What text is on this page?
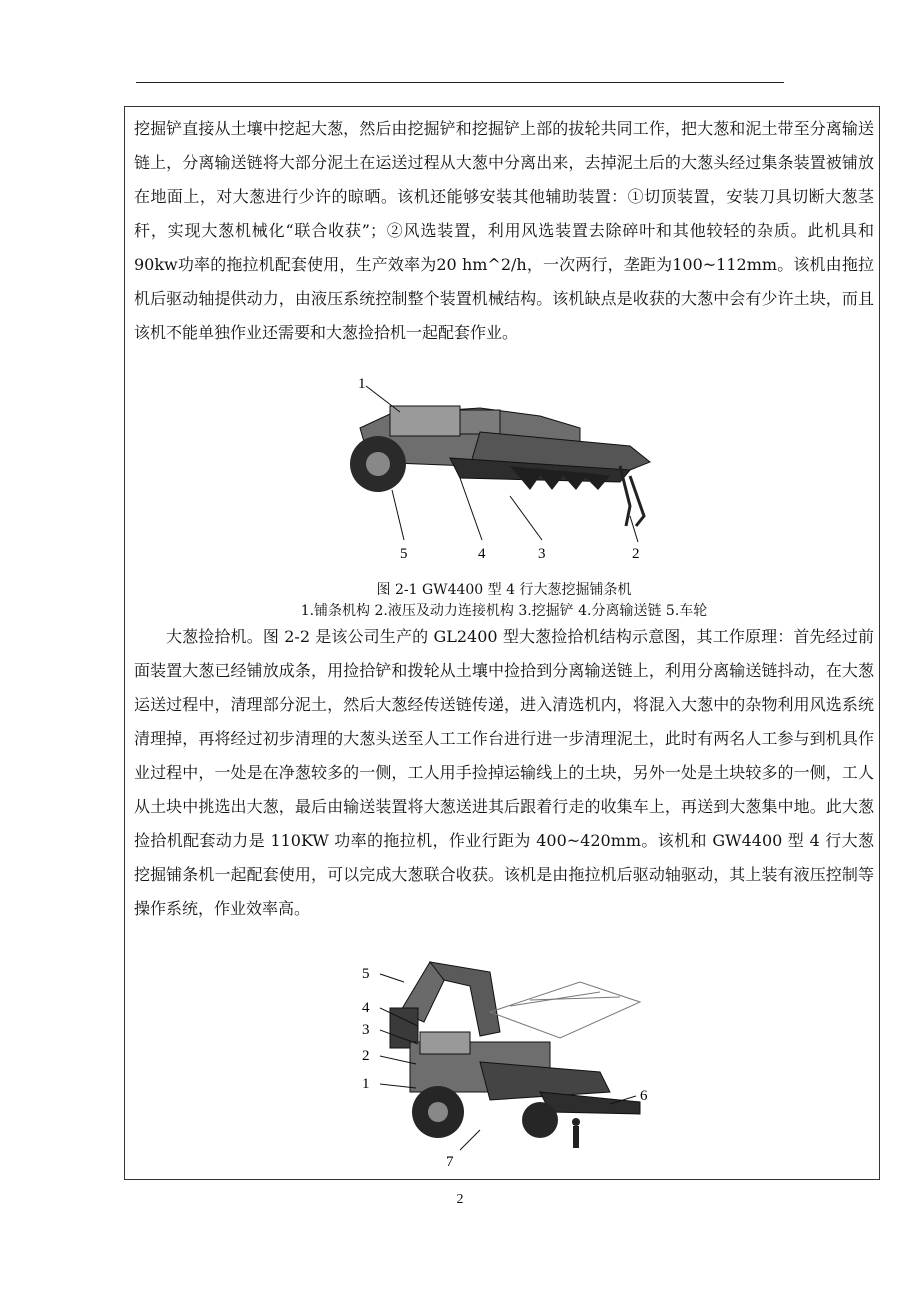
挖掘铲直接从土壤中挖起大葱，然后由挖掘铲和挖掘铲上部的拔轮共同工作，把大葱和泥土带至分离输送链上，分离输送链将大部分泥土在运送过程从大葱中分离出来，去掉泥土后的大葱头经过集条装置被铺放在地面上，对大葱进行少许的晾晒。该机还能够安装其他辅助装置：①切顶装置，安装刀具切断大葱茎秆，实现大葱机械化“联合收获”；②风选装置，利用风选装置去除碎叶和其他较轻的杂质。此机具和90kw功率的拖拉机配套使用，生产效率为20 hm^2/h，一次两行，垄距为100~112mm。该机由拖拉机后驱动轴提供动力，由液压系统控制整个装置机械结构。该机缺点是收获的大葱中会有少许土块，而且该机不能单独作业还需要和大葱捡拾机一起配套作业。

1
2
3
4
5
图 2-1 GW4400 型 4 行大葱挖掘铺条机
1.铺条机构 2.液压及动力连接机构 3.挖掘铲 4.分离输送链 5.车轮

大葱捡拾机。图 2-2 是该公司生产的 GL2400 型大葱捡拾机结构示意图，其工作原理：首先经过前面装置大葱已经铺放成条，用捡拾铲和拨轮从土壤中捡拾到分离输送链上，利用分离输送链抖动，在大葱运送过程中，清理部分泥土，然后大葱经传送链传递，进入清选机内，将混入大葱中的杂物利用风选系统清理掉，再将经过初步清理的大葱头送至人工工作台进行进一步清理泥土，此时有两名人工参与到机具作业过程中，一处是在净葱较多的一侧，工人用手捡掉运输线上的土块，另外一处是土块较多的一侧，工人从土块中挑选出大葱，最后由输送装置将大葱送进其后跟着行走的收集车上，再送到大葱集中地。此大葱捡拾机配套动力是 110KW 功率的拖拉机，作业行距为 400~420mm。该机和 GW4400 型 4 行大葱挖掘铺条机一起配套使用，可以完成大葱联合收获。该机是由拖拉机后驱动轴驱动，其上装有液压控制等操作系统，作业效率高。

5
4
3
2
1
6
7
2
